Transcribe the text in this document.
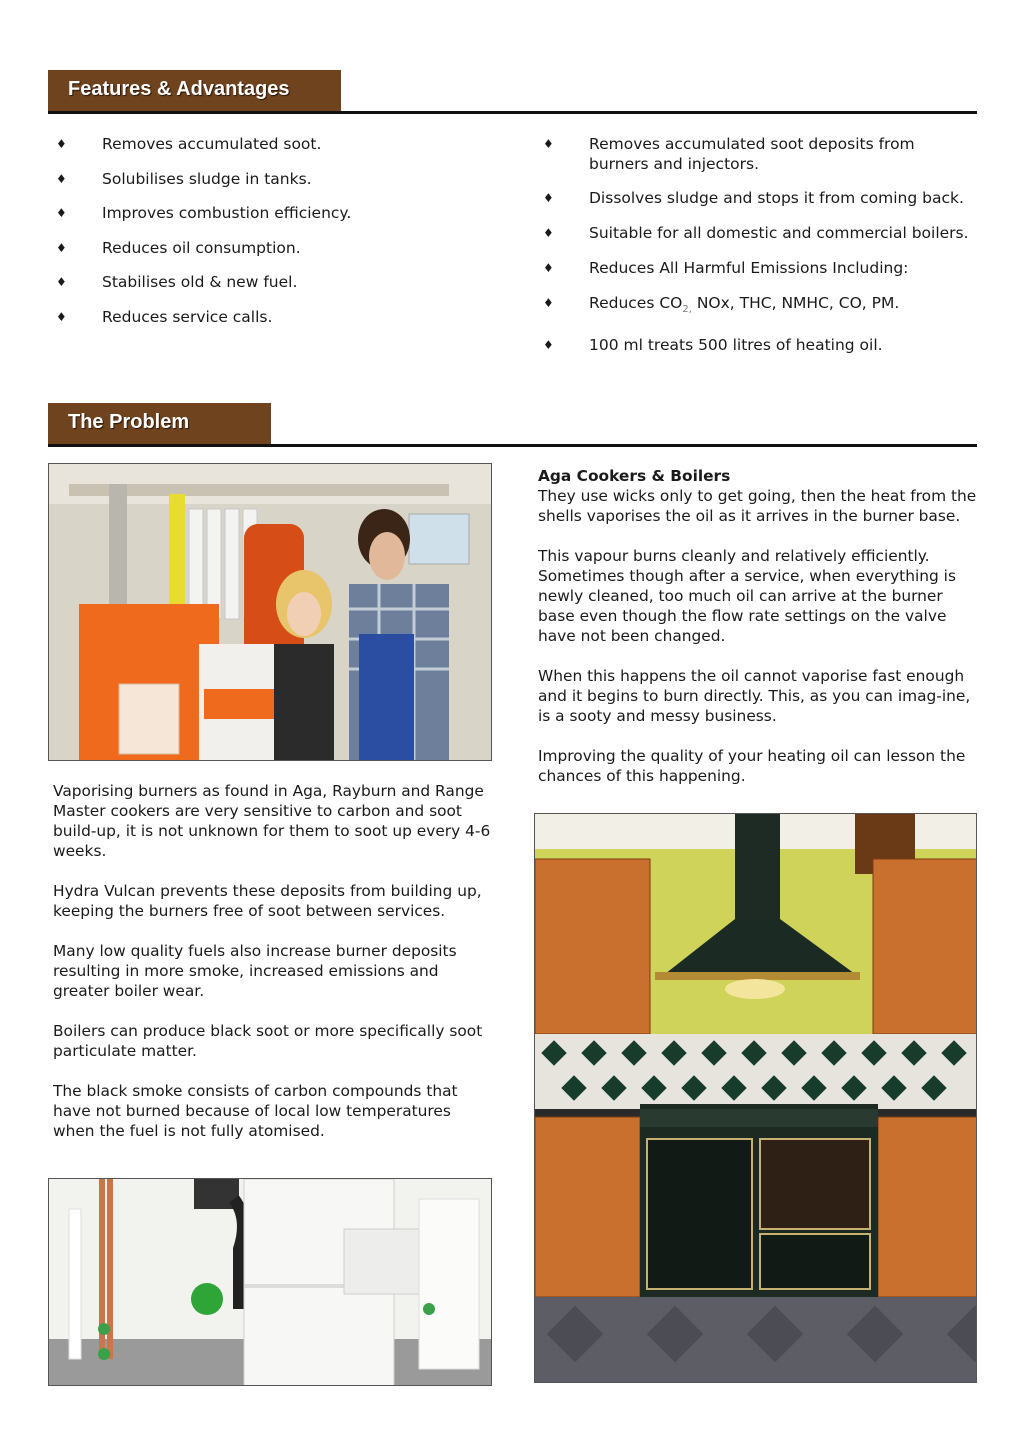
Features & Advantages
♦ Removes accumulated soot.
♦ Solubilises sludge in tanks.
♦ Improves combustion efficiency.
♦ Reduces oil consumption.
♦ Stabilises old & new fuel.
♦ Reduces service calls.
♦ Removes accumulated soot deposits from burners and injectors.
♦ Dissolves sludge and stops it from coming back.
♦ Suitable for all domestic and commercial boilers.
♦ Reduces All Harmful Emissions Including:
♦ Reduces $CO_{2,}$ NOx, THC, NMHC, CO, PM.
♦ 100 ml treats 500 litres of heating oil.
The Problem

Vaporising burners as found in Aga, Rayburn and Range Master cookers are very sensitive to carbon and soot build-up, it is not unknown for them to soot up every 4-6 weeks.

Hydra Vulcan prevents these deposits from building up, keeping the burners free of soot between services.

Many low quality fuels also increase burner deposits resulting in more smoke, increased emissions and greater boiler wear.

Boilers can produce black soot or more specifically soot particulate matter.

The black smoke consists of carbon compounds that have not burned because of local low temperatures when the fuel is not fully atomised.

Aga Cookers & Boilers

They use wicks only to get going, then the heat from the shells vaporises the oil as it arrives in the burner base.

This vapour burns cleanly and relatively efficiently. Sometimes though after a service, when everything is newly cleaned, too much oil can arrive at the burner base even though the flow rate settings on the valve have not been changed.

When this happens the oil cannot vaporise fast enough and it begins to burn directly. This, as you can imag-ine, is a sooty and messy business.

Improving the quality of your heating oil can lesson the chances of this happening.
